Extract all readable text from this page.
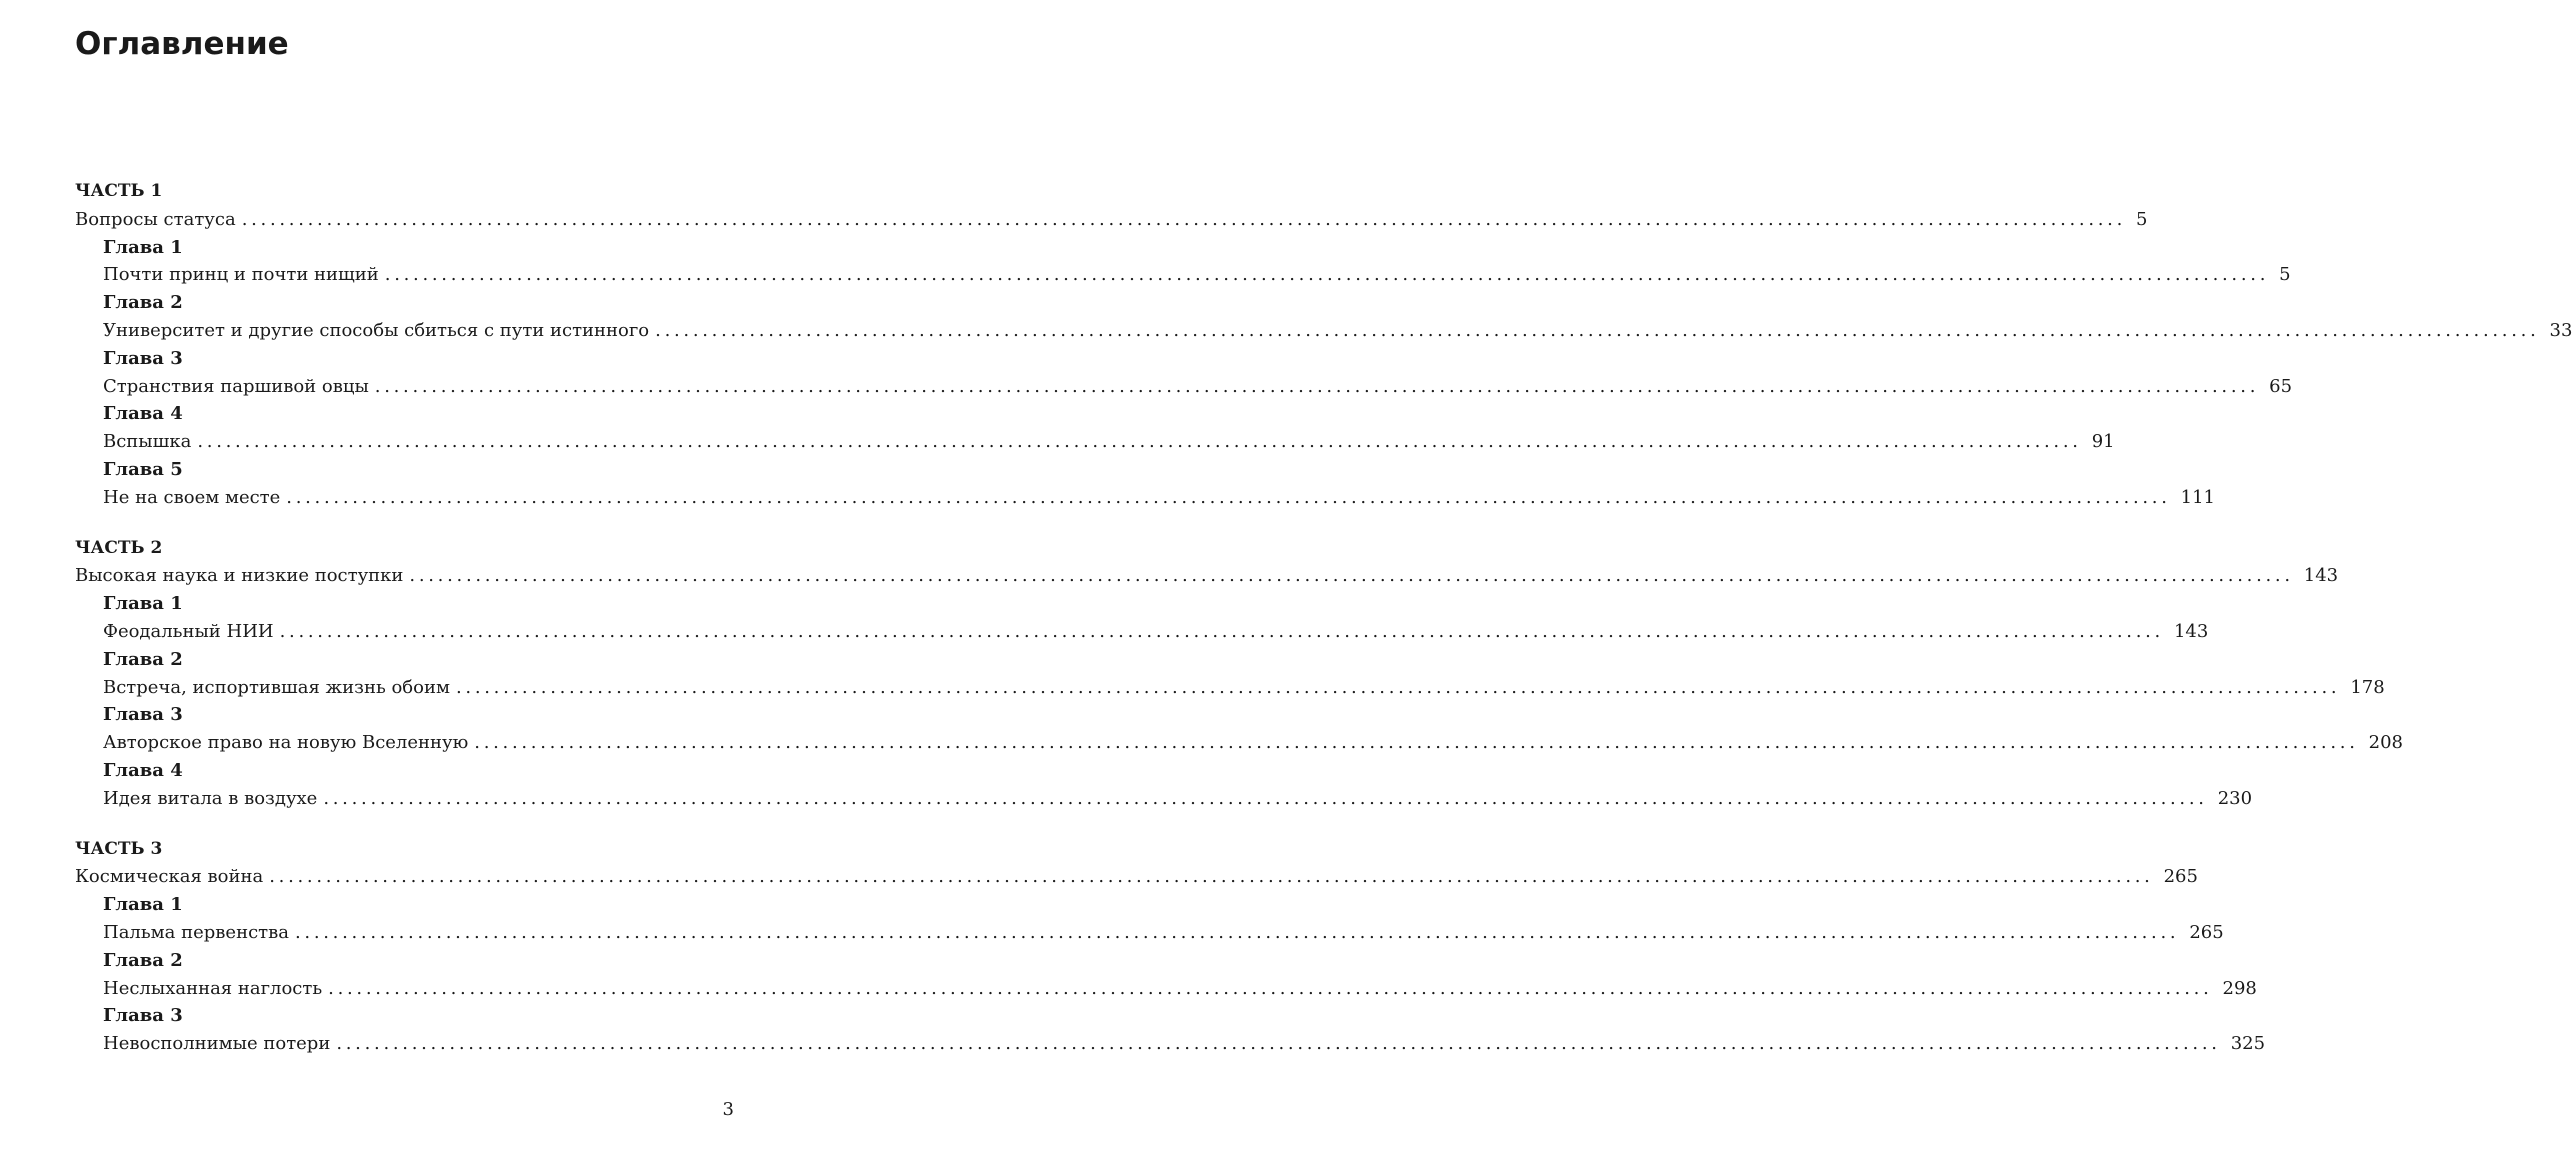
Оглавление
ЧАСТЬ 1
Вопросы статуса ........................................................................................................................................................................................................ 5
Глава 1
Почти принц и почти нищий ........................................................................................................................................................................................................ 5
Глава 2
Университет и другие способы сбиться с пути истинного ........................................................................................................................................................................................................ 33
Глава 3
Странствия паршивой овцы ........................................................................................................................................................................................................ 65
Глава 4
Вспышка ........................................................................................................................................................................................................ 91
Глава 5
Не на своем месте ........................................................................................................................................................................................................ 111
ЧАСТЬ 2
Высокая наука и низкие поступки ........................................................................................................................................................................................................ 143
Глава 1
Феодальный НИИ ........................................................................................................................................................................................................ 143
Глава 2
Встреча, испортившая жизнь обоим ........................................................................................................................................................................................................ 178
Глава 3
Авторское право на новую Вселенную ........................................................................................................................................................................................................ 208
Глава 4
Идея витала в воздухе ........................................................................................................................................................................................................ 230
ЧАСТЬ 3
Космическая война ........................................................................................................................................................................................................ 265
Глава 1
Пальма первенства ........................................................................................................................................................................................................ 265
Глава 2
Неслыханная наглость ........................................................................................................................................................................................................ 298
Глава 3
Невосполнимые потери ........................................................................................................................................................................................................ 325
3
